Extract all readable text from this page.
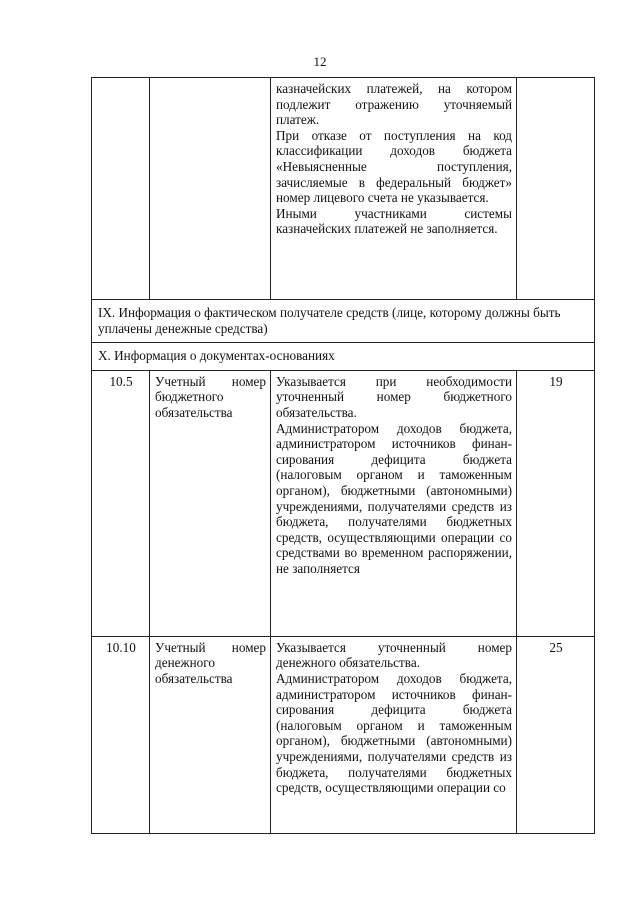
12

		казначейских платежей, на котором подлежит отражению уточняемый платеж.

При отказе от поступления на код классификации доходов бюджета «Невыясненные поступления, зачисляемые в федеральный бюджет» номер лицевого счета не указывается.

Иными участниками системы казначейских платежей не заполняется.	

IX. Информация о фактическом получателе средств (лице, которому должны быть уплачены денежные средства)			
X. Информация о документах-основаниях			
10.5	Учетный номер бюджетного обязательства	Указывается при необходимости уточненный номер бюджетного обязательства.

Администратором доходов бюджета, администратором источников финан-сирования дефицита бюджета (налоговым органом и таможенным органом), бюджетными (автономными) учреждениями, получателями средств из бюджета, получателями бюджетных средств, осуществляющими операции со средствами во временном распоряжении, не заполняется	19
10.10	Учетный номер денежного обязательства	Указывается уточненный номер денежного обязательства.

Администратором доходов бюджета, администратором источников финан-сирования дефицита бюджета (налоговым органом и таможенным органом), бюджетными (автономными) учреждениями, получателями средств из бюджета, получателями бюджетных средств, осуществляющими операции со	25
